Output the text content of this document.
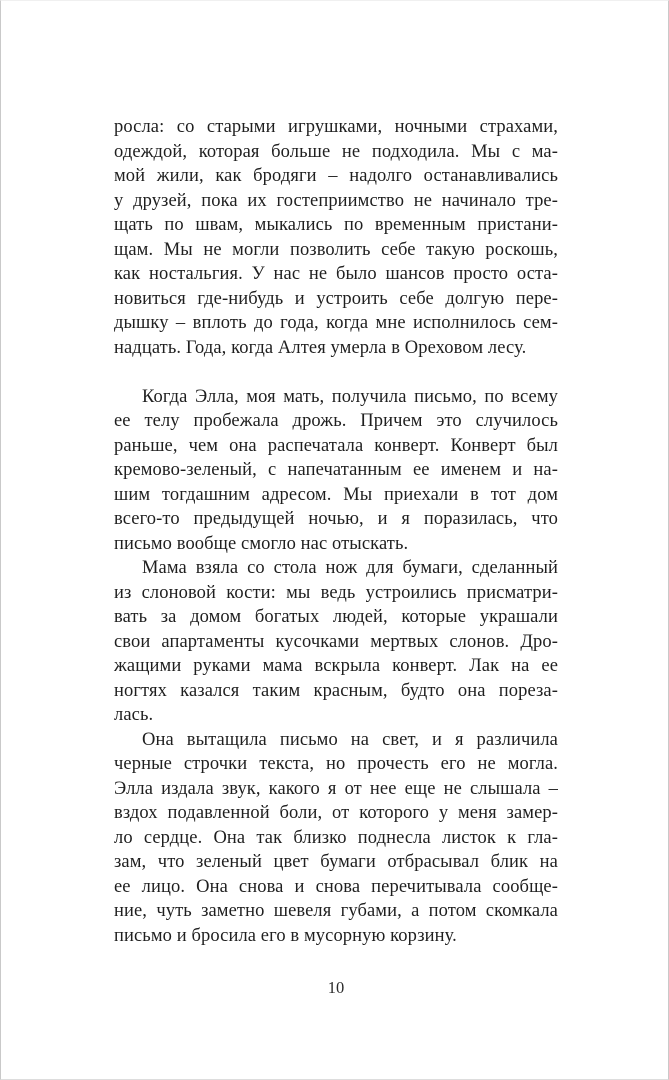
росла: со старыми игрушками, ночными страхами,
одеждой, которая больше не подходила. Мы с ма-
мой жили, как бродяги – надолго останавливались
у друзей, пока их гостеприимство не начинало тре-
щать по швам, мыкались по временным пристани-
щам. Мы не могли позволить себе такую роскошь,
как ностальгия. У нас не было шансов просто оста-
новиться где-нибудь и устроить себе долгую пере-
дышку – вплоть до года, когда мне исполнилось сем-
надцать. Года, когда Алтея умерла в Ореховом лесу.
Когда Элла, моя мать, получила письмо, по всему
ее телу пробежала дрожь. Причем это случилось
раньше, чем она распечатала конверт. Конверт был
кремово-зеленый, с напечатанным ее именем и на-
шим тогдашним адресом. Мы приехали в тот дом
всего-то предыдущей ночью, и я поразилась, что
письмо вообще смогло нас отыскать.
Мама взяла со стола нож для бумаги, сделанный
из слоновой кости: мы ведь устроились присматри-
вать за домом богатых людей, которые украшали
свои апартаменты кусочками мертвых слонов. Дро-
жащими руками мама вскрыла конверт. Лак на ее
ногтях казался таким красным, будто она пореза-
лась.
Она вытащила письмо на свет, и я различила
черные строчки текста, но прочесть его не могла.
Элла издала звук, какого я от нее еще не слышала –
вздох подавленной боли, от которого у меня замер-
ло сердце. Она так близко поднесла листок к гла-
зам, что зеленый цвет бумаги отбрасывал блик на
ее лицо. Она снова и снова перечитывала сообще-
ние, чуть заметно шевеля губами, а потом скомкала
письмо и бросила его в мусорную корзину.
10
